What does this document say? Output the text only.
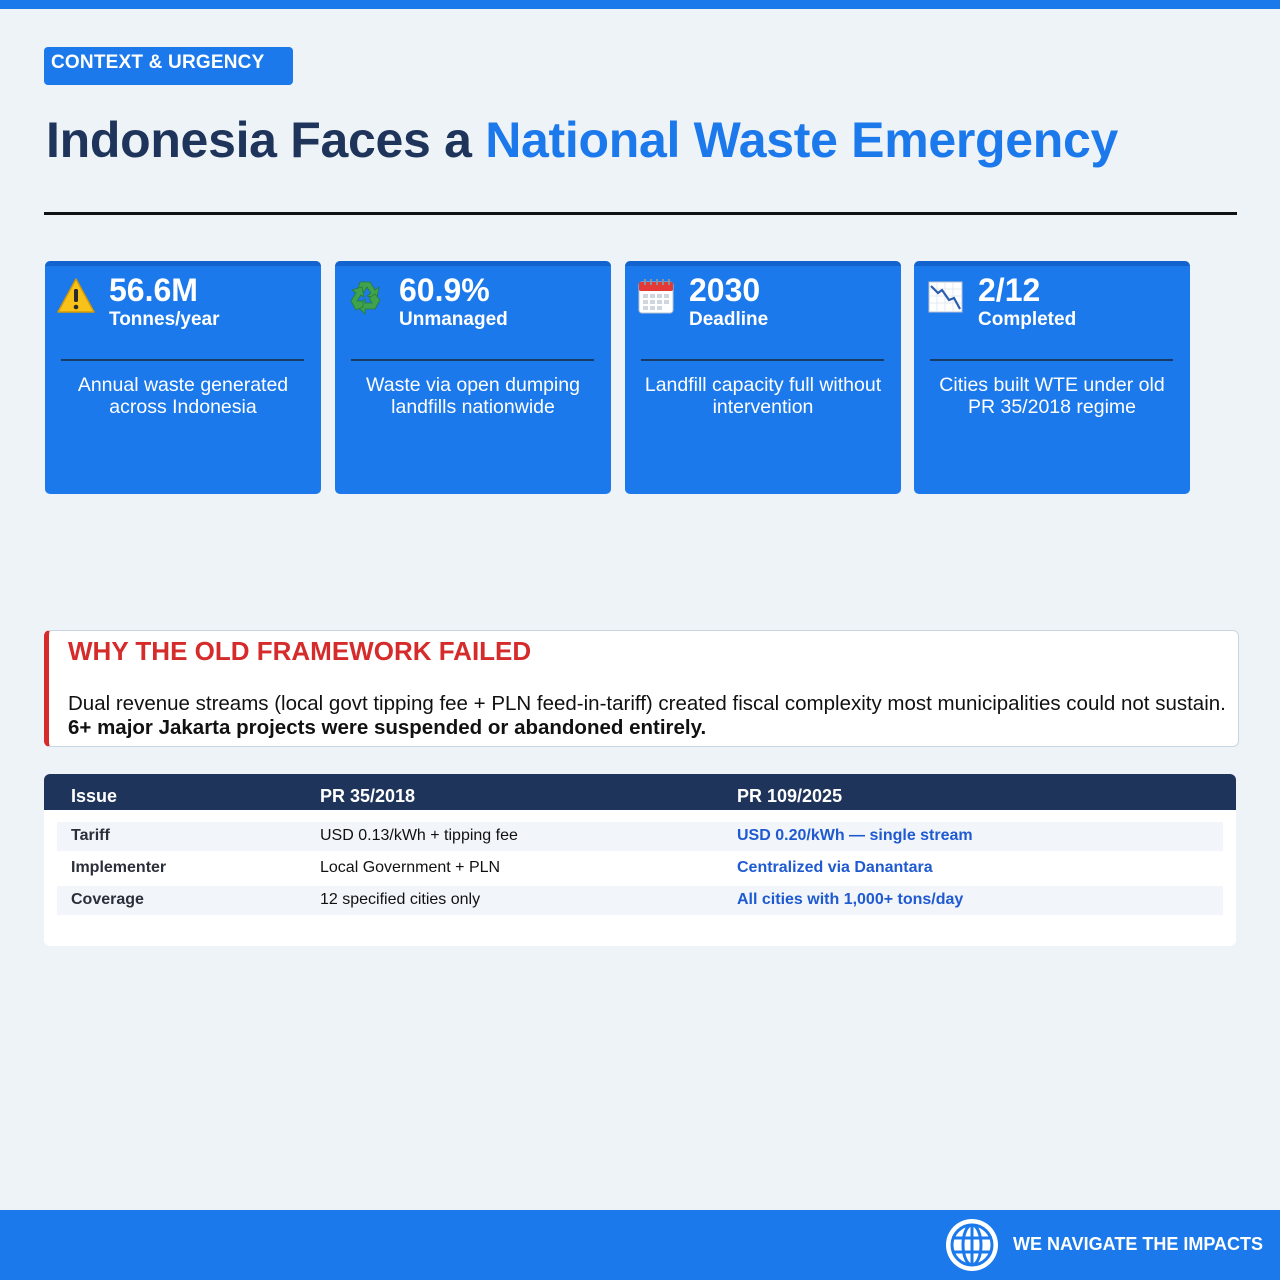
CONTEXT & URGENCY
Indonesia Faces a National Waste Emergency
56.6M
Tonnes/year
Annual waste generated across Indonesia
60.9%
Unmanaged
Waste via open dumping landfills nationwide
2030
Deadline
Landfill capacity full without intervention
2/12
Completed
Cities built WTE under old PR 35/2018 regime
WHY THE OLD FRAMEWORK FAILED
Dual revenue streams (local govt tipping fee + PLN feed-in-tariff) created fiscal complexity most municipalities could not sustain. 6+ major Jakarta projects were suspended or abandoned entirely.
Issue	PR 35/2018	PR 109/2025
Tariff	USD 0.13/kWh + tipping fee	USD 0.20/kWh — single stream
Implementer	Local Government + PLN	Centralized via Danantara
Coverage	12 specified cities only	All cities with 1,000+ tons/day
WE NAVIGATE THE IMPACTS
